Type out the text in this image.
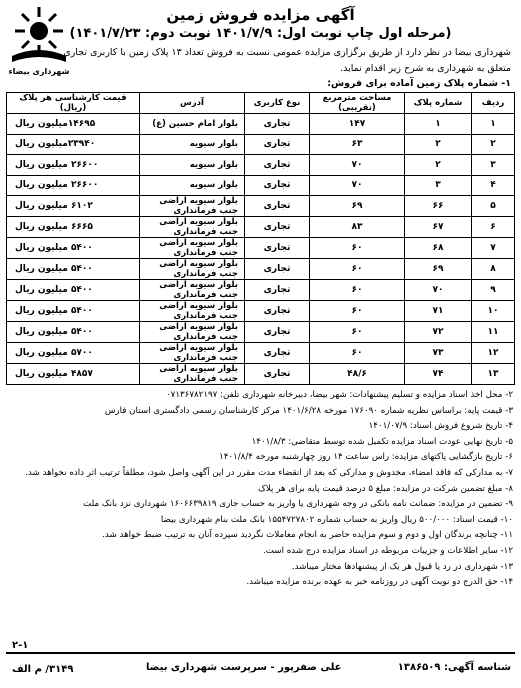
شهرداری بیضاء
آگهی مزایده فروش زمین
(مرحله اول چاپ نوبت اول: ۱۴۰۱/۷/۹ نوبت دوم: ۱۴۰۱/۷/۲۳)
شهرداری بیضا در نظر دارد از طریق برگزاری مزایده عمومی نسبت به فروش تعداد ۱۳ پلاک زمین با کاربری تجاری
متعلق به شهرداری به شرح زیر اقدام نماید.
۱- شماره پلاک زمین آماده برای فروش:
ردیف	شماره پلاک	مساحت مترمربع (تقریبی)	نوع کاربری	آدرس	قیمت کارشناسی هر پلاک (ریال)
۱	۱	۱۴۷	تجاری	بلوار امام حسین (ع)	۱۴۶۹۵میلیون ریال
۲	۲	۶۳	تجاری	بلوار سیویه	۲۳۹۴۰میلیون ریال
۳	۲	۷۰	تجاری	بلوار سیویه	۲۶۶۰۰ میلیون ریال
۴	۳	۷۰	تجاری	بلوار سیویه	۲۶۶۰۰ میلیون ریال
۵	۶۶	۶۹	تجاری	بلوار سیویه اراضی جنب فرمانداری	۶۱۰۲ میلیون ریال
۶	۶۷	۸۳	تجاری	بلوار سیویه اراضی جنب فرمانداری	۶۶۶۵ میلیون ریال
۷	۶۸	۶۰	تجاری	بلوار سیویه اراضی جنب فرمانداری	۵۴۰۰ میلیون ریال
۸	۶۹	۶۰	تجاری	بلوار سیویه اراضی جنب فرمانداری	۵۴۰۰ میلیون ریال
۹	۷۰	۶۰	تجاری	بلوار سیویه اراضی جنب فرمانداری	۵۴۰۰ میلیون ریال
۱۰	۷۱	۶۰	تجاری	بلوار سیویه اراضی جنب فرمانداری	۵۴۰۰ میلیون ریال
۱۱	۷۲	۶۰	تجاری	بلوار سیویه اراضی جنب فرمانداری	۵۴۰۰ میلیون ریال
۱۲	۷۳	۶۰	تجاری	بلوار سیویه اراضی جنب فرمانداری	۵۷۰۰ میلیون ریال
۱۳	۷۴	۴۸/۶	تجاری	بلوار سیویه اراضی جنب فرمانداری	۴۸۵۷ میلیون ریال
۲- محل اخذ اسناد مزایده و تسلیم پیشنهادات: شهر بیضا، دبیرخانه شهرداری تلفن: ۰۷۱۳۶۷۸۲۱۹۷
۳- قیمت پایه: براساس نظریه شماره ۱۷۶۰۹۰ مورخه ۱۴۰۱/۶/۲۸ مرکز کارشناسان رسمی دادگستری استان فارس
۴- تاریخ شروع فروش اسناد: ۱۴۰۱/۰۷/۹
۵- تاریخ نهایی عودت اسناد مزایده تکمیل شده توسط متقاضی: ۱۴۰۱/۸/۳
۶- تاریخ بازگشایی پاکتهای مزایده: راس ساعت ۱۴ روز چهارشنبه مورخه ۱۴۰۱/۸/۴
۷- به مدارکی که فاقد امضاء، مخدوش و مدارکی که بعد از انقضاء مدت مقرر در این آگهی واصل شود، مطلقاً ترتیب اثر داده نخواهد شد.
۸- مبلغ تضمین شرکت در مزایده: مبلغ ۵ درصد قیمت پایه برای هر پلاک
۹- تضمین در مزایده: ضمانت نامه بانکی در وجه شهرداری یا واریز به حساب جاری ۱۶۰۶۶۳۹۸۱۹ شهرداری نزد بانک ملت
۱۰- قیمت اسناد: ۵۰۰/۰۰۰ ریال واریز به حساب شماره ۱۵۵۴۷۲۷۸۰۲ بانک ملت بنام شهرداری بیضا
۱۱- چنانچه برندگان اول و دوم و سوم مزایده حاضر به انجام معاملات نگردید سپرده آنان به ترتیب ضبط خواهد شد.
۱۲- سایر اطلاعات و جزییات مربوطه در اسناد مزایده درج شده است.
۱۳- شهرداری در رد یا قبول هر یک از پیشنهادها مختار میباشد.
۱۴- حق الدرج دو نوبت آگهی در روزنامه خبر به عهده برنده مزایده میباشد.
شناسه آگهی: ۱۳۸۶۵۰۹
علی صفرپور - سرپرست شهرداری بیضا
۲-۱
۳۱۴۹/ م الف
